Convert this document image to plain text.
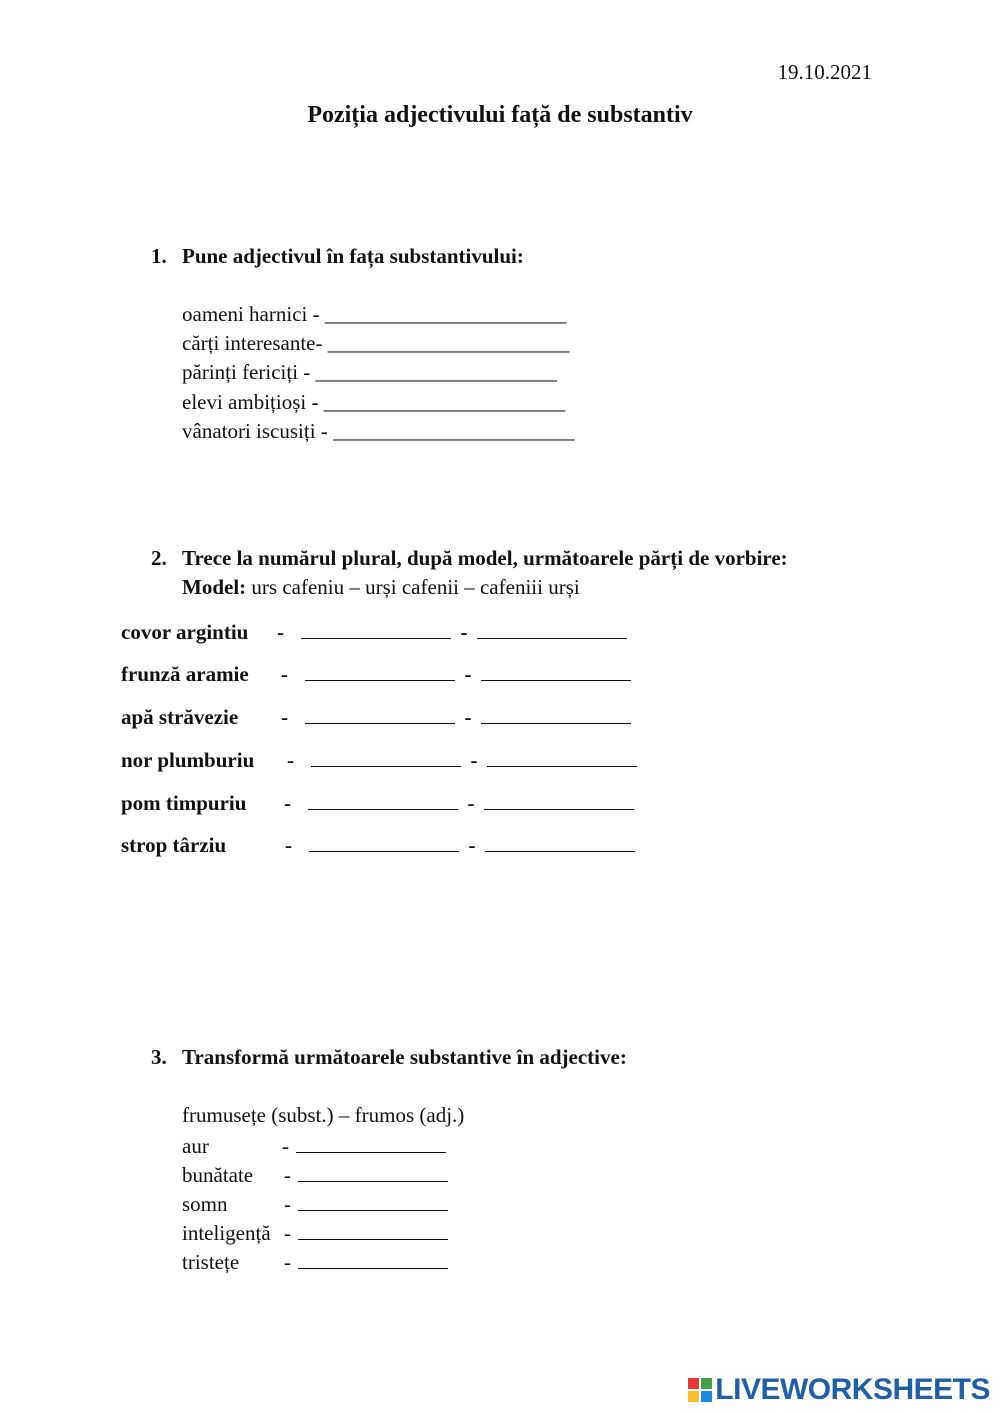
19.10.2021
Poziția adjectivului față de substantiv
1. Pune adjectivul în fața substantivului:
oameni harnici - _______________________
cărți interesante- _______________________
părinți fericiți - _______________________
elevi ambițioși - _______________________
vânatori iscusiți - _______________________
2. Trece la numărul plural, după model, următoarele părți de vorbire:
Model: urs cafeniu – urși cafenii – cafeniii urși
covor argintiu -	-
frunză aramie -	-
apă străvezie -	-
nor plumburiu -	-
pom timpuriu -	-
strop târziu	-	-
3. Transformă următoarele substantive în adjective:
frumusețe (subst.) – frumos (adj.)
aur	-
bunătate -
somn	-
inteligență -
tristețe -
LIVEWORKSHEETS
